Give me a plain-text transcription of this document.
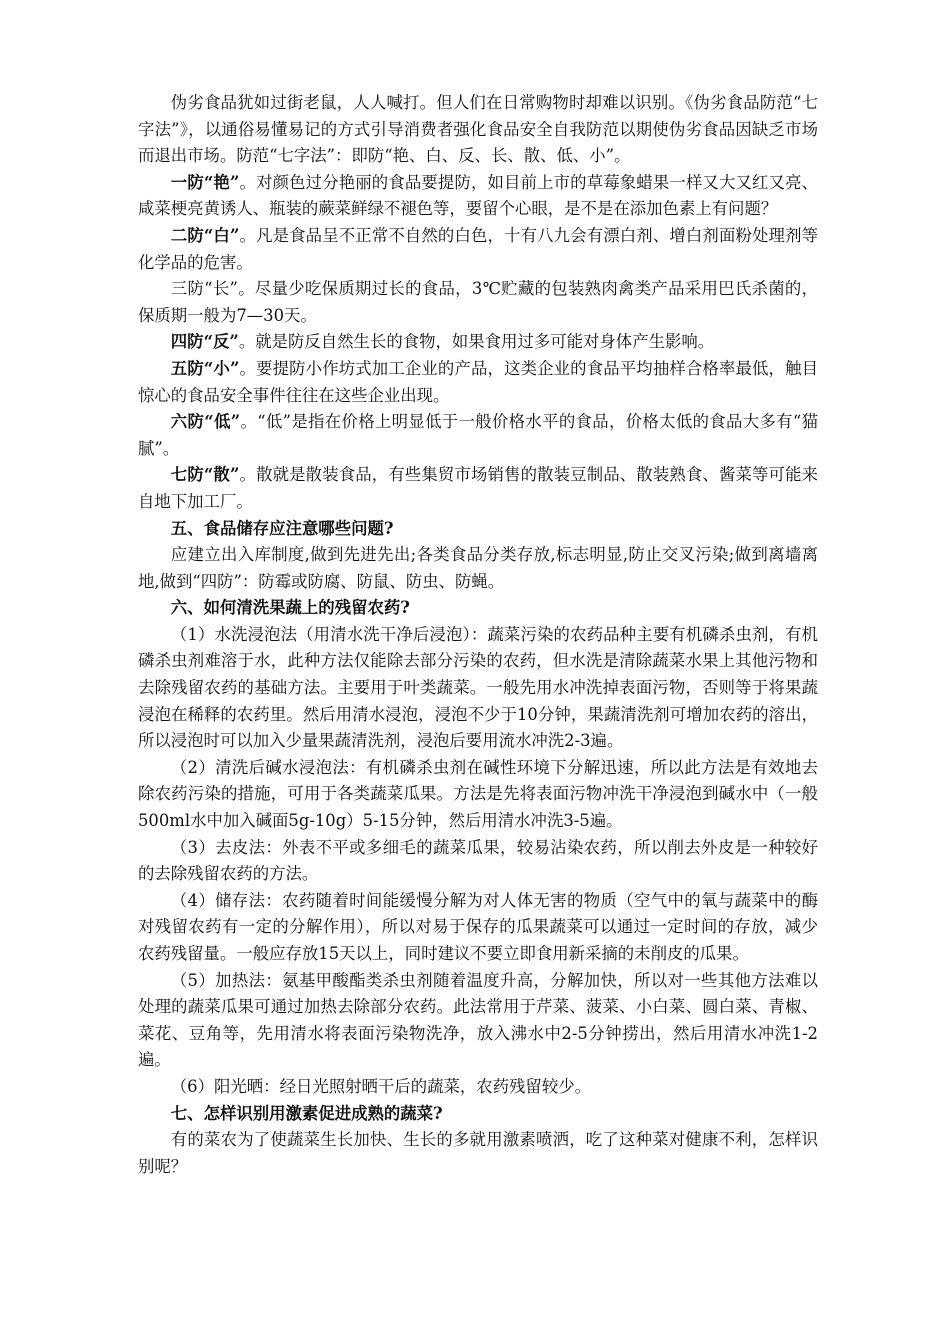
伪劣食品犹如过街老鼠，人人喊打。但人们在日常购物时却难以识别。《伪劣食品防范“七字法”》，以通俗易懂易记的方式引导消费者强化食品安全自我防范以期使伪劣食品因缺乏市场而退出市场。防范“七字法”：即防“艳、白、反、长、散、低、小”。

一防“艳”。对颜色过分艳丽的食品要提防，如目前上市的草莓象蜡果一样又大又红又亮、咸菜梗亮黄诱人、瓶装的蕨菜鲜绿不褪色等，要留个心眼，是不是在添加色素上有问题？

二防“白”。凡是食品呈不正常不自然的白色，十有八九会有漂白剂、增白剂面粉处理剂等化学品的危害。

三防“长”。尽量少吃保质期过长的食品，3℃贮藏的包装熟肉禽类产品采用巴氏杀菌的，保质期一般为7—30天。

四防“反”。就是防反自然生长的食物，如果食用过多可能对身体产生影响。

五防“小”。要提防小作坊式加工企业的产品，这类企业的食品平均抽样合格率最低，触目惊心的食品安全事件往往在这些企业出现。

六防“低”。“低”是指在价格上明显低于一般价格水平的食品，价格太低的食品大多有“猫腻”。

七防“散”。散就是散装食品，有些集贸市场销售的散装豆制品、散装熟食、酱菜等可能来自地下加工厂。

五、食品储存应注意哪些问题?

应建立出入库制度,做到先进先出;各类食品分类存放,标志明显,防止交叉污染;做到离墙离地,做到“四防”：防霉或防腐、防鼠、防虫、防蝇。

六、如何清洗果蔬上的残留农药?

（1）水洗浸泡法（用清水洗干净后浸泡）：蔬菜污染的农药品种主要有机磷杀虫剂，有机磷杀虫剂难溶于水，此种方法仅能除去部分污染的农药，但水洗是清除蔬菜水果上其他污物和去除残留农药的基础方法。主要用于叶类蔬菜。一般先用水冲洗掉表面污物，否则等于将果蔬浸泡在稀释的农药里。然后用清水浸泡，浸泡不少于10分钟，果蔬清洗剂可增加农药的溶出，所以浸泡时可以加入少量果蔬清洗剂，浸泡后要用流水冲洗2-3遍。

（2）清洗后碱水浸泡法：有机磷杀虫剂在碱性环境下分解迅速，所以此方法是有效地去除农药污染的措施，可用于各类蔬菜瓜果。方法是先将表面污物冲洗干净浸泡到碱水中（一般500ml水中加入碱面5g-10g）5-15分钟，然后用清水冲洗3-5遍。

（3）去皮法：外表不平或多细毛的蔬菜瓜果，较易沾染农药，所以削去外皮是一种较好的去除残留农药的方法。

（4）储存法：农药随着时间能缓慢分解为对人体无害的物质（空气中的氧与蔬菜中的酶对残留农药有一定的分解作用），所以对易于保存的瓜果蔬菜可以通过一定时间的存放，减少农药残留量。一般应存放15天以上，同时建议不要立即食用新采摘的未削皮的瓜果。

（5）加热法：氨基甲酸酯类杀虫剂随着温度升高，分解加快，所以对一些其他方法难以处理的蔬菜瓜果可通过加热去除部分农药。此法常用于芹菜、菠菜、小白菜、圆白菜、青椒、菜花、豆角等，先用清水将表面污染物洗净，放入沸水中2-5分钟捞出，然后用清水冲洗1-2遍。

（6）阳光晒：经日光照射晒干后的蔬菜，农药残留较少。

七、怎样识别用激素促进成熟的蔬菜?

有的菜农为了使蔬菜生长加快、生长的多就用激素喷洒，吃了这种菜对健康不利，怎样识别呢？
